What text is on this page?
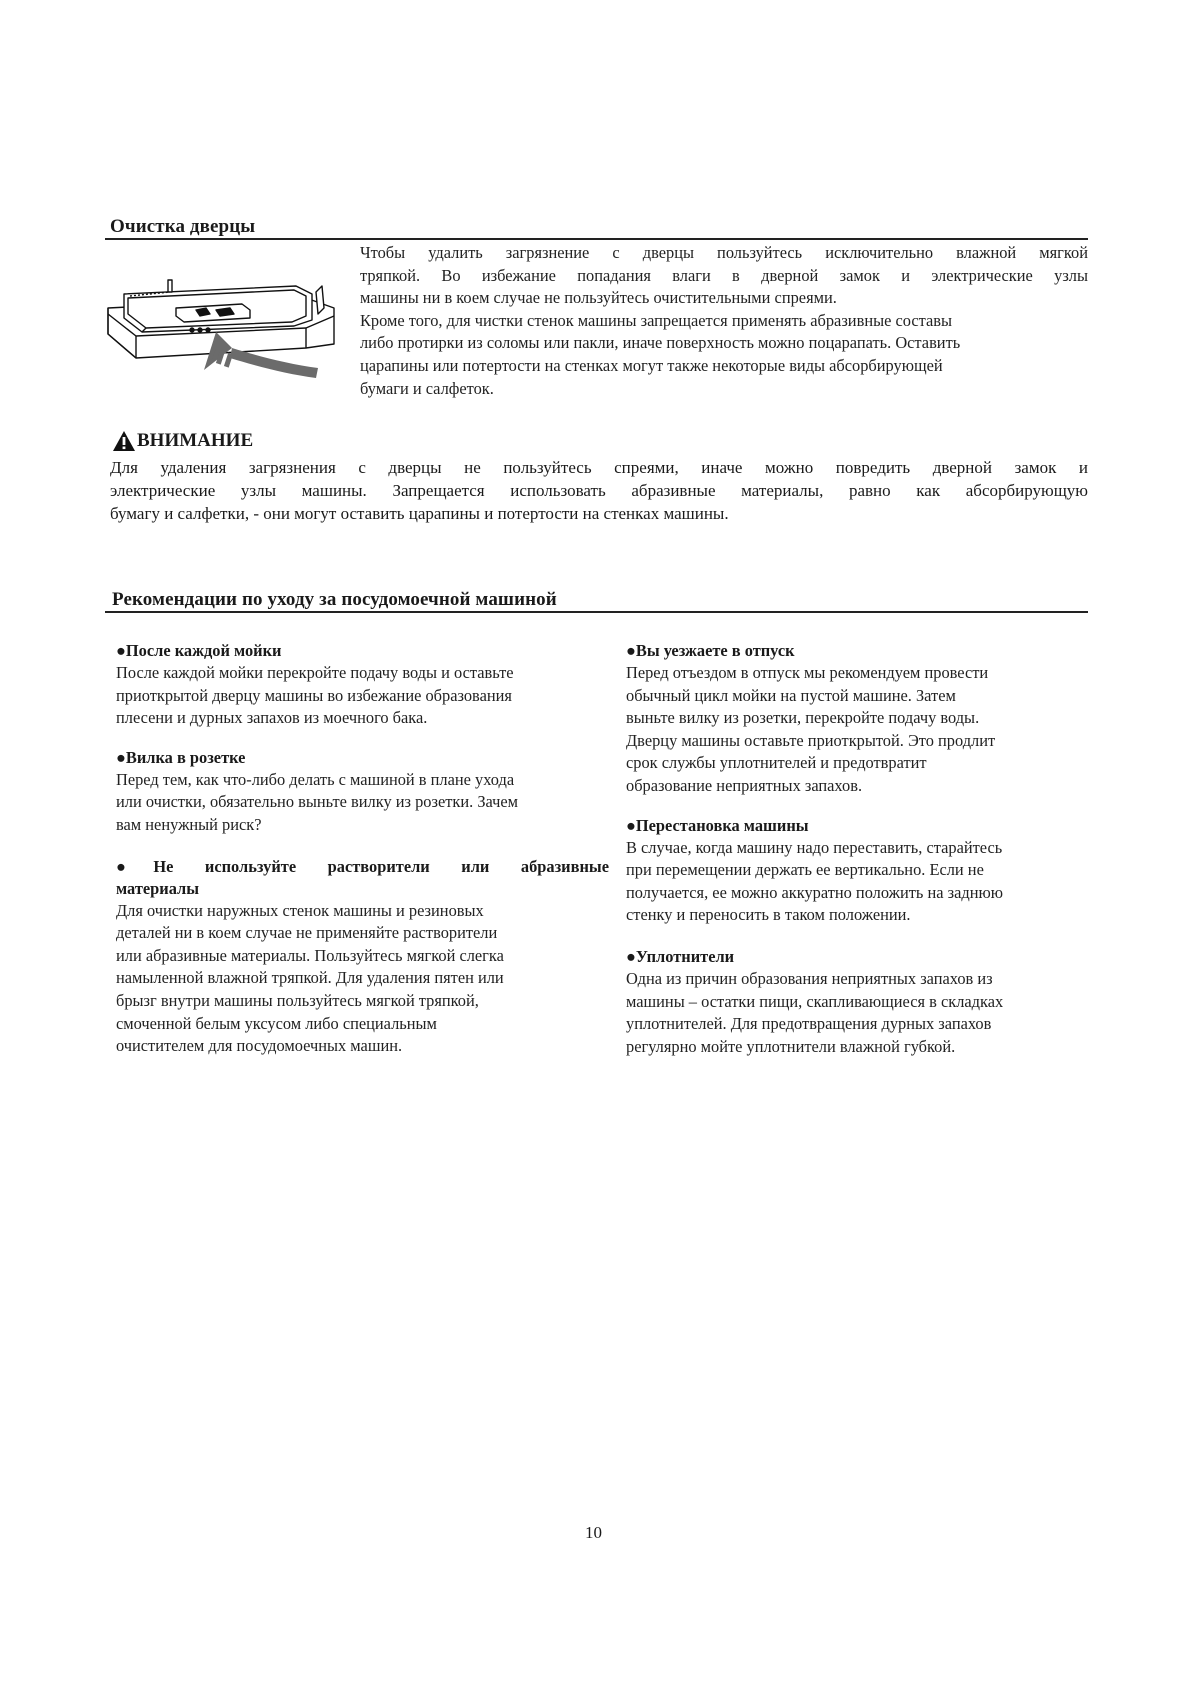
Очистка дверцы
Чтобы удалить загрязнение с дверцы пользуйтесь исключительно влажной мягкой
тряпкой. Во избежание попадания влаги в дверной замок и электрические узлы
машины ни в коем случае не пользуйтесь очистительными спреями.
Кроме того, для чистки стенок машины запрещается применять абразивные составы
либо протирки из соломы или пакли, иначе поверхность можно поцарапать. Оставить
царапины или потертости на стенках могут также некоторые виды абсорбирующей
бумаги и салфеток.
ВНИМАНИЕ
Для удаления загрязнения с дверцы не пользуйтесь спреями, иначе можно повредить дверной замок и
электрические узлы машины. Запрещается использовать абразивные материалы, равно как абсорбирующую
бумагу и салфетки, - они могут оставить царапины и потертости на стенках машины.
Рекомендации по уходу за посудомоечной машиной
●После каждой мойки
После каждой мойки перекройте подачу воды и оставьте
приоткрытой дверцу машины во избежание образования
плесени и дурных запахов из моечного бака.
●Вилка в розетке
Перед тем, как что-либо делать с машиной в плане ухода
или очистки, обязательно выньте вилку из розетки. Зачем
вам ненужный риск?
●Не используйте растворители или абразивные
материалы
Для очистки наружных стенок машины и резиновых
деталей ни в коем случае не применяйте растворители
или абразивные материалы. Пользуйтесь мягкой слегка
намыленной влажной тряпкой. Для удаления пятен или
брызг внутри машины пользуйтесь мягкой тряпкой,
смоченной белым уксусом либо специальным
очистителем для посудомоечных машин.
●Вы уезжаете в отпуск
Перед отъездом в отпуск мы рекомендуем провести
обычный цикл мойки на пустой машине. Затем
выньте вилку из розетки, перекройте подачу воды.
Дверцу машины оставьте приоткрытой. Это продлит
срок службы уплотнителей и предотвратит
образование неприятных запахов.
●Перестановка машины
В случае, когда машину надо переставить, старайтесь
при перемещении держать ее вертикально. Если не
получается, ее можно аккуратно положить на заднюю
стенку и переносить в таком положении.
●Уплотнители
Одна из причин образования неприятных запахов из
машины – остатки пищи, скапливающиеся в складках
уплотнителей. Для предотвращения дурных запахов
регулярно мойте уплотнители влажной губкой.
10
